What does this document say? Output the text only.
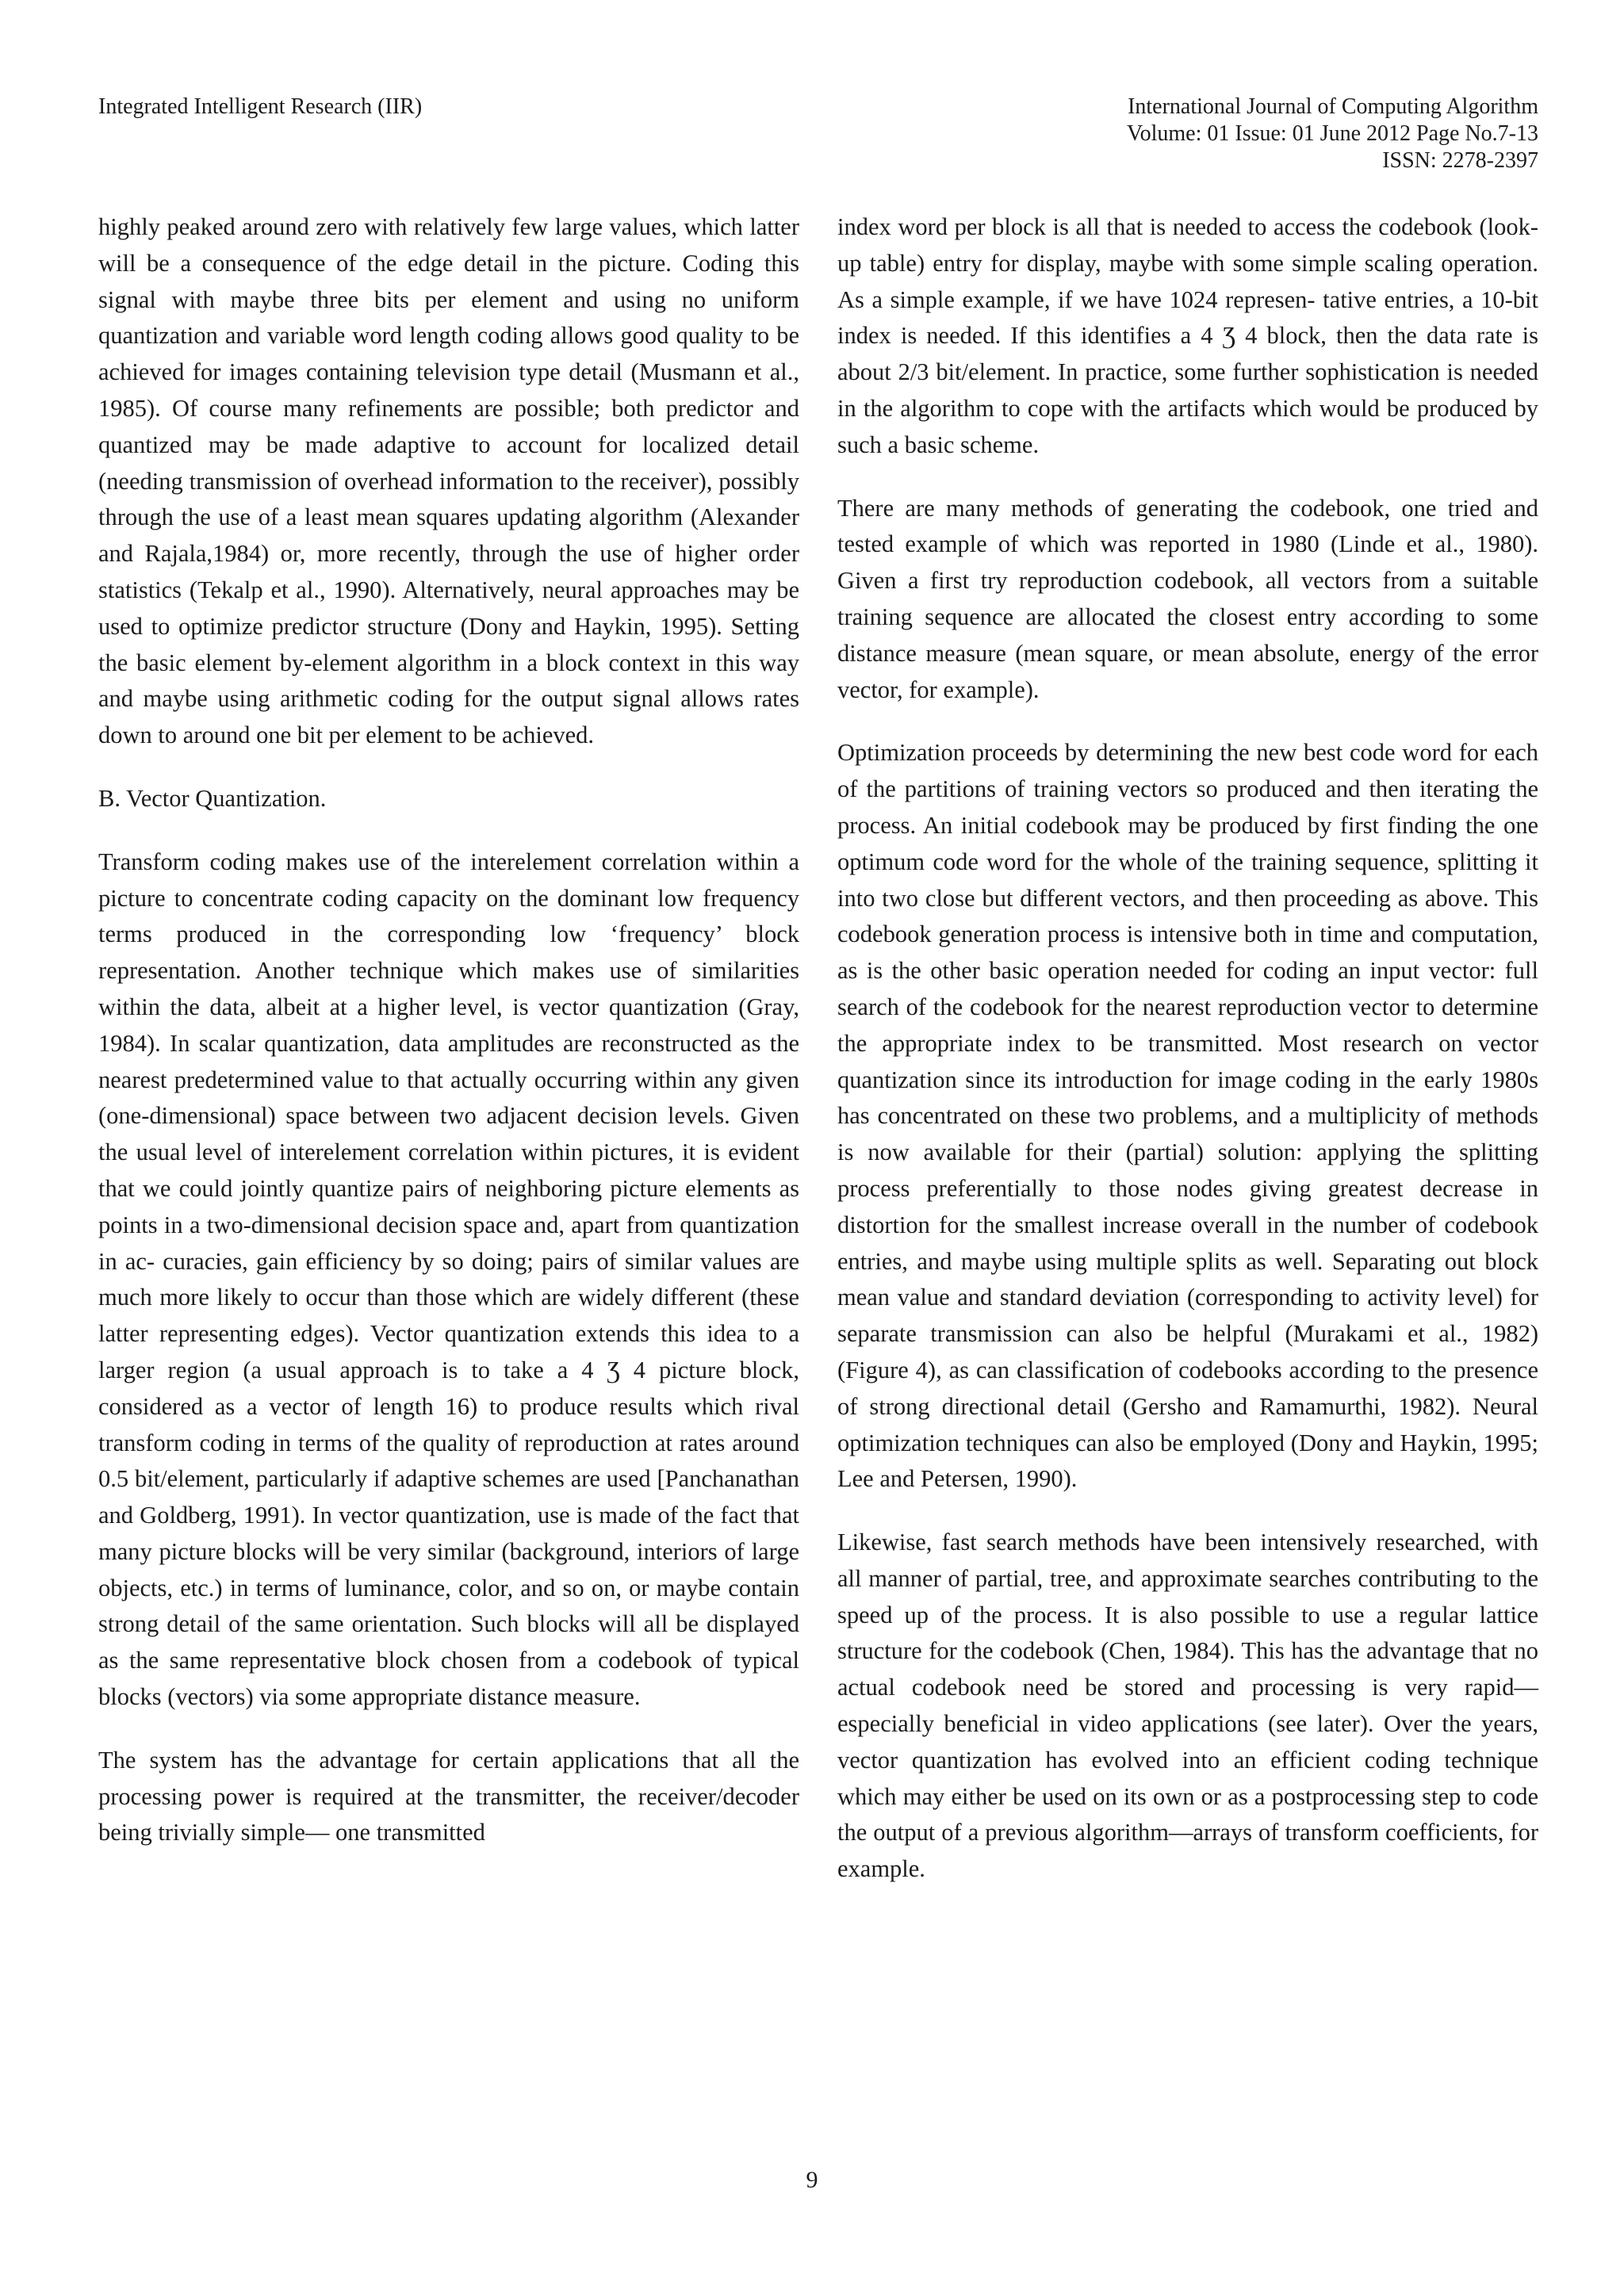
Integrated Intelligent Research (IIR)	International Journal of Computing Algorithm
Volume: 01 Issue: 01 June 2012 Page No.7-13
ISSN: 2278-2397

highly peaked around zero with relatively few large values, which latter will be a consequence of the edge detail in the picture. Coding this signal with maybe three bits per element and using no uniform quantization and variable word length coding allows good quality to be achieved for images containing television type detail (Musmann et al., 1985). Of course many refinements are possible; both predictor and quantized may be made adaptive to account for localized detail (needing transmission of overhead information to the receiver), possibly through the use of a least mean squares updating algorithm (Alexander and Rajala,1984) or, more recently, through the use of higher order statistics (Tekalp et al., 1990). Alternatively, neural approaches may be used to optimize predictor structure (Dony and Haykin, 1995). Setting the basic element by-element algorithm in a block context in this way and maybe using arithmetic coding for the output signal allows rates down to around one bit per element to be achieved.

B. Vector Quantization.

Transform coding makes use of the interelement correlation within a picture to concentrate coding capacity on the dominant low frequency terms produced in the corresponding low ‘frequency’ block representation. Another technique which makes use of similarities within the data, albeit at a higher level, is vector quantization (Gray, 1984). In scalar quantization, data amplitudes are reconstructed as the nearest predetermined value to that actually occurring within any given (one-dimensional) space between two adjacent decision levels. Given the usual level of interelement correlation within pictures, it is evident that we could jointly quantize pairs of neighboring picture elements as points in a two-dimensional decision space and, apart from quantization in ac- curacies, gain efficiency by so doing; pairs of similar values are much more likely to occur than those which are widely different (these latter representing edges). Vector quantization extends this idea to a larger region (a usual approach is to take a 4 Ʒ 4 picture block, considered as a vector of length 16) to produce results which rival transform coding in terms of the quality of reproduction at rates around 0.5 bit/element, particularly if adaptive schemes are used [Panchanathan and Goldberg, 1991). In vector quantization, use is made of the fact that many picture blocks will be very similar (background, interiors of large objects, etc.) in terms of luminance, color, and so on, or maybe contain strong detail of the same orientation. Such blocks will all be displayed as the same representative block chosen from a codebook of typical blocks (vectors) via some appropriate distance measure.

The system has the advantage for certain applications that all the processing power is required at the transmitter, the receiver/decoder being trivially simple— one transmitted

index word per block is all that is needed to access the codebook (look-up table) entry for display, maybe with some simple scaling operation. As a simple example, if we have 1024 represen- tative entries, a 10-bit index is needed. If this identifies a 4 Ʒ 4 block, then the data rate is about 2/3 bit/element. In practice, some further sophistication is needed in the algorithm to cope with the artifacts which would be produced by such a basic scheme.

There are many methods of generating the codebook, one tried and tested example of which was reported in 1980 (Linde et al., 1980). Given a first try reproduction codebook, all vectors from a suitable training sequence are allocated the closest entry according to some distance measure (mean square, or mean absolute, energy of the error vector, for example).

Optimization proceeds by determining the new best code word for each of the partitions of training vectors so produced and then iterating the process. An initial codebook may be produced by first finding the one optimum code word for the whole of the training sequence, splitting it into two close but different vectors, and then proceeding as above. This codebook generation process is intensive both in time and computation, as is the other basic operation needed for coding an input vector: full search of the codebook for the nearest reproduction vector to determine the appropriate index to be transmitted. Most research on vector quantization since its introduction for image coding in the early 1980s has concentrated on these two problems, and a multiplicity of methods is now available for their (partial) solution: applying the splitting process preferentially to those nodes giving greatest decrease in distortion for the smallest increase overall in the number of codebook entries, and maybe using multiple splits as well. Separating out block mean value and standard deviation (corresponding to activity level) for separate transmission can also be helpful (Murakami et al., 1982) (Figure 4), as can classification of codebooks according to the presence of strong directional detail (Gersho and Ramamurthi, 1982). Neural optimization techniques can also be employed (Dony and Haykin, 1995; Lee and Petersen, 1990).

Likewise, fast search methods have been intensively researched, with all manner of partial, tree, and approximate searches contributing to the speed up of the process. It is also possible to use a regular lattice structure for the codebook (Chen, 1984). This has the advantage that no actual codebook need be stored and processing is very rapid— especially beneficial in video applications (see later). Over the years, vector quantization has evolved into an efficient coding technique which may either be used on its own or as a postprocessing step to code the output of a previous algorithm—arrays of transform coefficients, for example.

9
